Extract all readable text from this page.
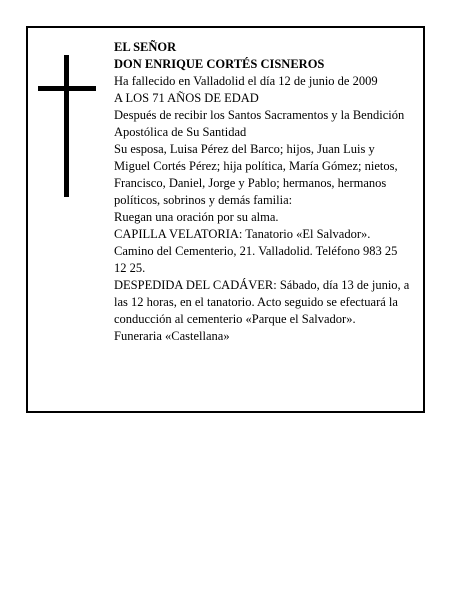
EL SEÑOR

DON ENRIQUE CORTÉS CISNEROS

Ha fallecido en Valladolid el día 12 de junio de 2009

A LOS 71 AÑOS DE EDAD

Después de recibir los Santos Sacramentos y la Bendición Apostólica de Su Santidad

Su esposa, Luisa Pérez del Barco; hijos, Juan Luis y Miguel Cortés Pérez; hija política, María Gómez; nietos, Francisco, Daniel, Jorge y Pablo; hermanos, hermanos políticos, sobrinos y demás familia:

Ruegan una oración por su alma.

CAPILLA VELATORIA: Tanatorio «El Salvador». Camino del Cementerio, 21. Valladolid. Teléfono 983 25 12 25.

DESPEDIDA DEL CADÁVER: Sábado, día 13 de junio, a las 12 horas, en el tanatorio. Acto seguido se efectuará la conducción al cementerio «Parque el Salvador».

Funeraria «Castellana»
